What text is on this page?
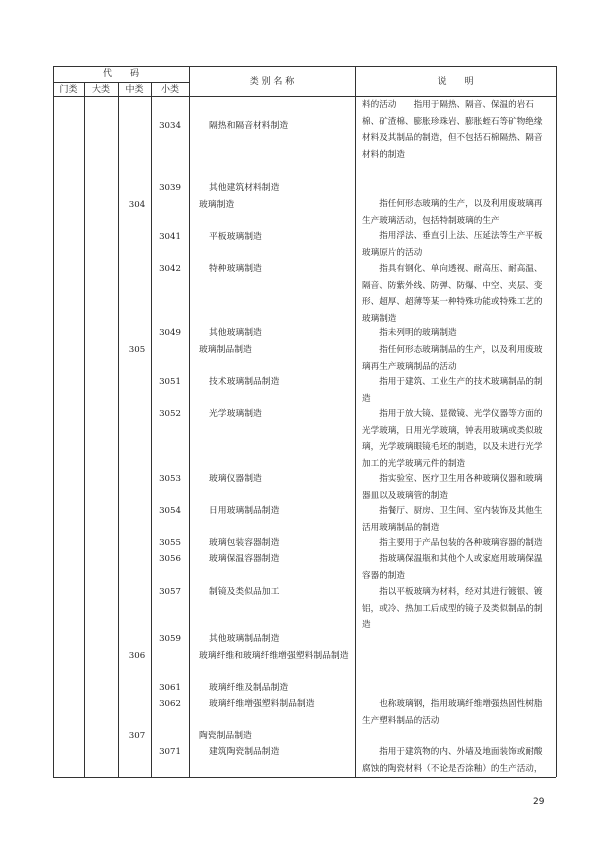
代　　码
门类	大类	中类	小类
类 别 名 称	说　　明
3034	隔热和隔音材料制造
料的活动　　指用于隔热、隔音、保温的岩石棉、矿渣棉、膨胀珍珠岩、膨胀蛭石等矿物绝缘材料及其制品的制造，但不包括石棉隔热、隔音材料的制造
3039	其他建筑材料制造
304	玻璃制造	　　指任何形态玻璃的生产，以及利用废玻璃再生产玻璃活动，包括特制玻璃的生产
3041	平板玻璃制造	　　指用浮法、垂直引上法、压延法等生产平板玻璃原片的活动
3042	特种玻璃制造	　　指具有钢化、单向透视、耐高压、耐高温、隔音、防紫外线、防弹、防爆、中空、夹层、变形、超厚、超薄等某一种特殊功能或特殊工艺的玻璃制造
3049	其他玻璃制造	　　指未列明的玻璃制造
305	玻璃制品制造	　　指任何形态玻璃制品的生产，以及利用废玻璃再生产玻璃制品的活动
3051	技术玻璃制品制造	　　指用于建筑、工业生产的技术玻璃制品的制造
3052	光学玻璃制造	　　指用于放大镜、显微镜、光学仪器等方面的光学玻璃，日用光学玻璃，钟表用玻璃或类似玻璃，光学玻璃眼镜毛坯的制造，以及未进行光学加工的光学玻璃元件的制造
3053	玻璃仪器制造	　　指实验室、医疗卫生用各种玻璃仪器和玻璃器皿以及玻璃管的制造
3054	日用玻璃制品制造	　　指餐厅、厨房、卫生间、室内装饰及其他生活用玻璃制品的制造
3055	玻璃包装容器制造	　　指主要用于产品包装的各种玻璃容器的制造
3056	玻璃保温容器制造	　　指玻璃保温瓶和其他个人或家庭用玻璃保温容器的制造
3057	制镜及类似品加工	　　指以平板玻璃为材料，经对其进行镀银、镀铝，或冷、热加工后成型的镜子及类似制品的制造
3059	其他玻璃制品制造
306	玻璃纤维和玻璃纤维增强塑料制品制造
3061	玻璃纤维及制品制造
3062	玻璃纤维增强塑料制品制造	　　也称玻璃钢，指用玻璃纤维增强热固性树脂生产塑料制品的活动
307	陶瓷制品制造
3071	建筑陶瓷制品制造	　　指用于建筑物的内、外墙及地面装饰或耐酸腐蚀的陶瓷材料（不论是否涂釉）的生产活动，
29
